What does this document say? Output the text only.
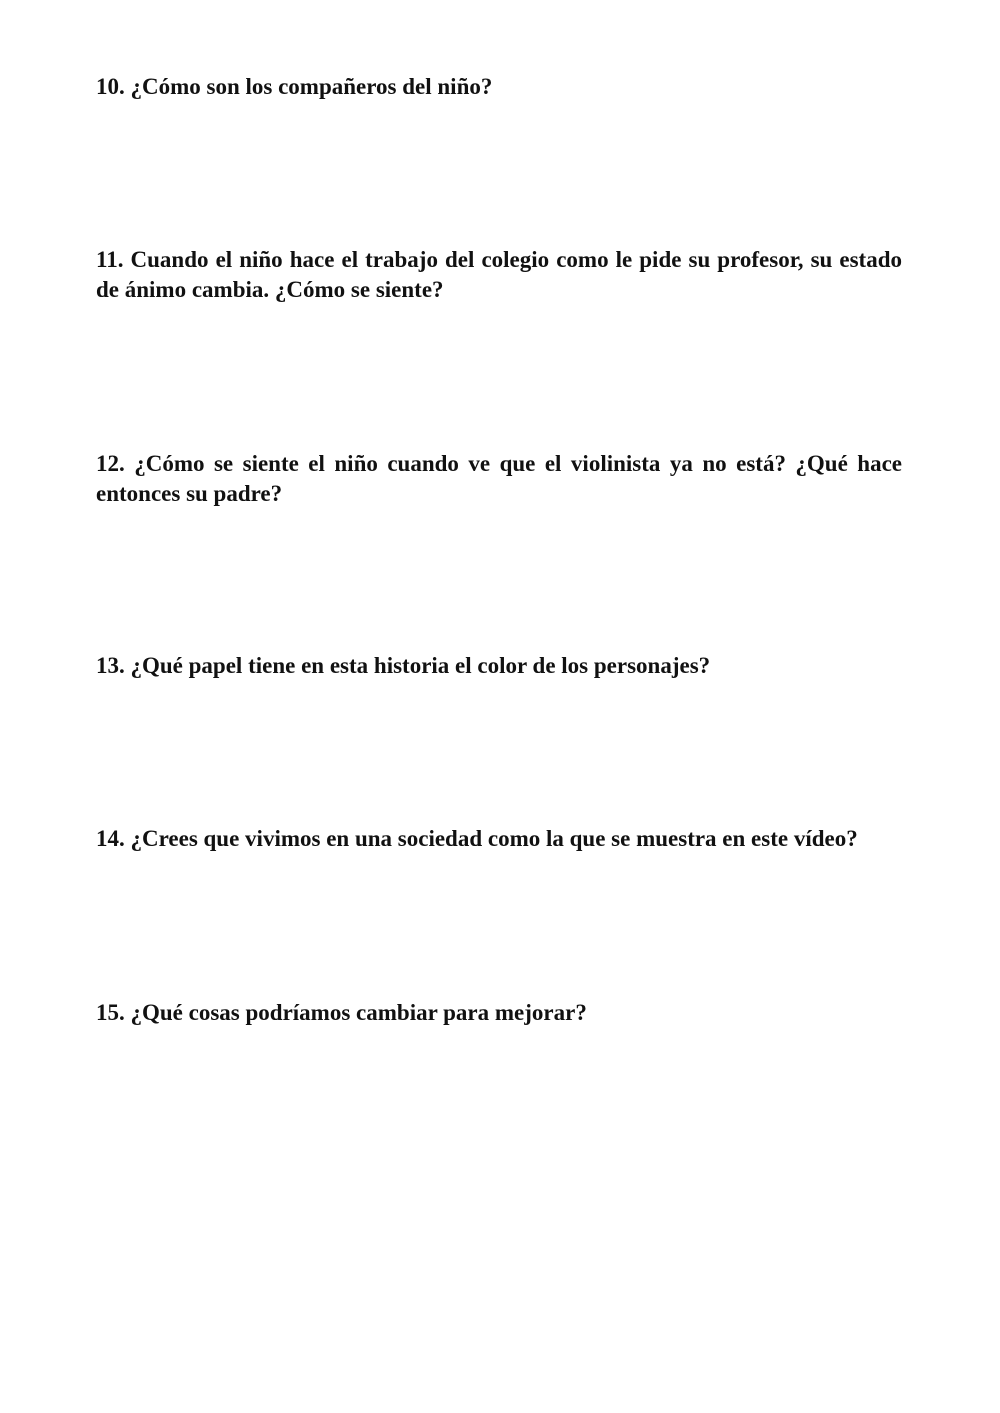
10. ¿Cómo son los compañeros del niño?

11. Cuando el niño hace el trabajo del colegio como le pide su profesor, su estado de ánimo cambia. ¿Cómo se siente?

12. ¿Cómo se siente el niño cuando ve que el violinista ya no está? ¿Qué hace entonces su padre?

13. ¿Qué papel tiene en esta historia el color de los personajes?

14. ¿Crees que vivimos en una sociedad como la que se muestra en este vídeo?

15. ¿Qué cosas podríamos cambiar para mejorar?
